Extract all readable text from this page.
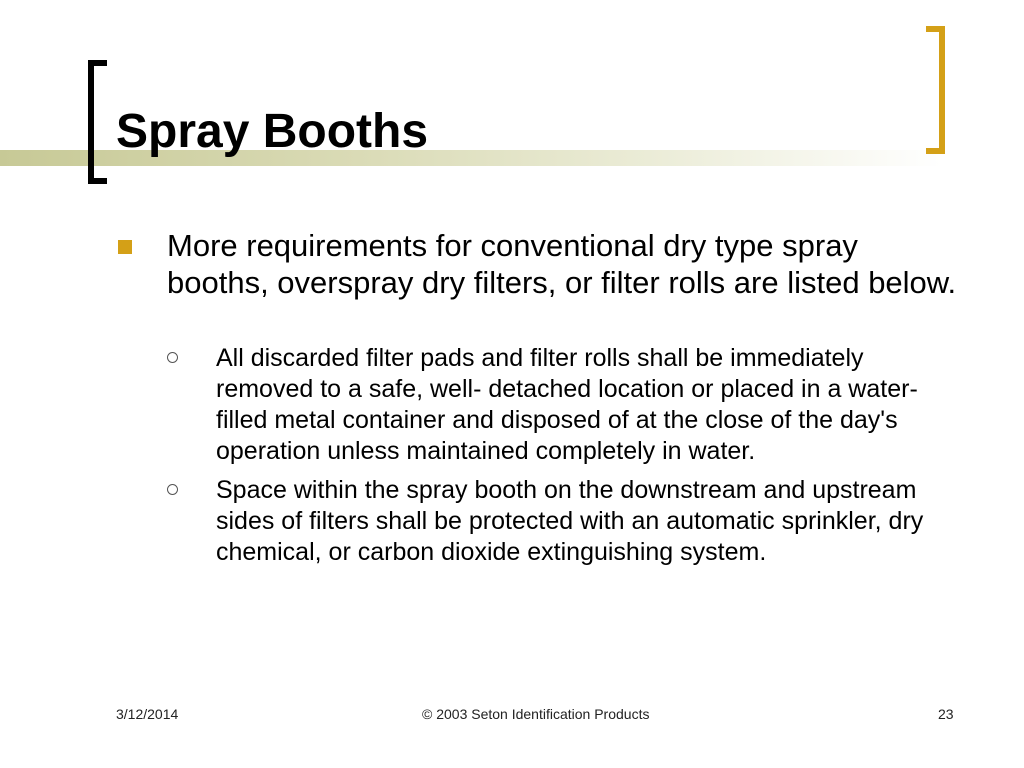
Spray Booths
More requirements for conventional dry type spray booths, overspray dry filters, or filter rolls are listed below.
All discarded filter pads and filter rolls shall be immediately removed to a safe, well- detached location or placed in a water-filled metal container and disposed of at the close of the day's operation unless maintained completely in water.
Space within the spray booth on the downstream and upstream sides of filters shall be protected with an automatic sprinkler, dry chemical, or carbon dioxide extinguishing system.
3/12/2014	© 2003 Seton Identification Products	23
